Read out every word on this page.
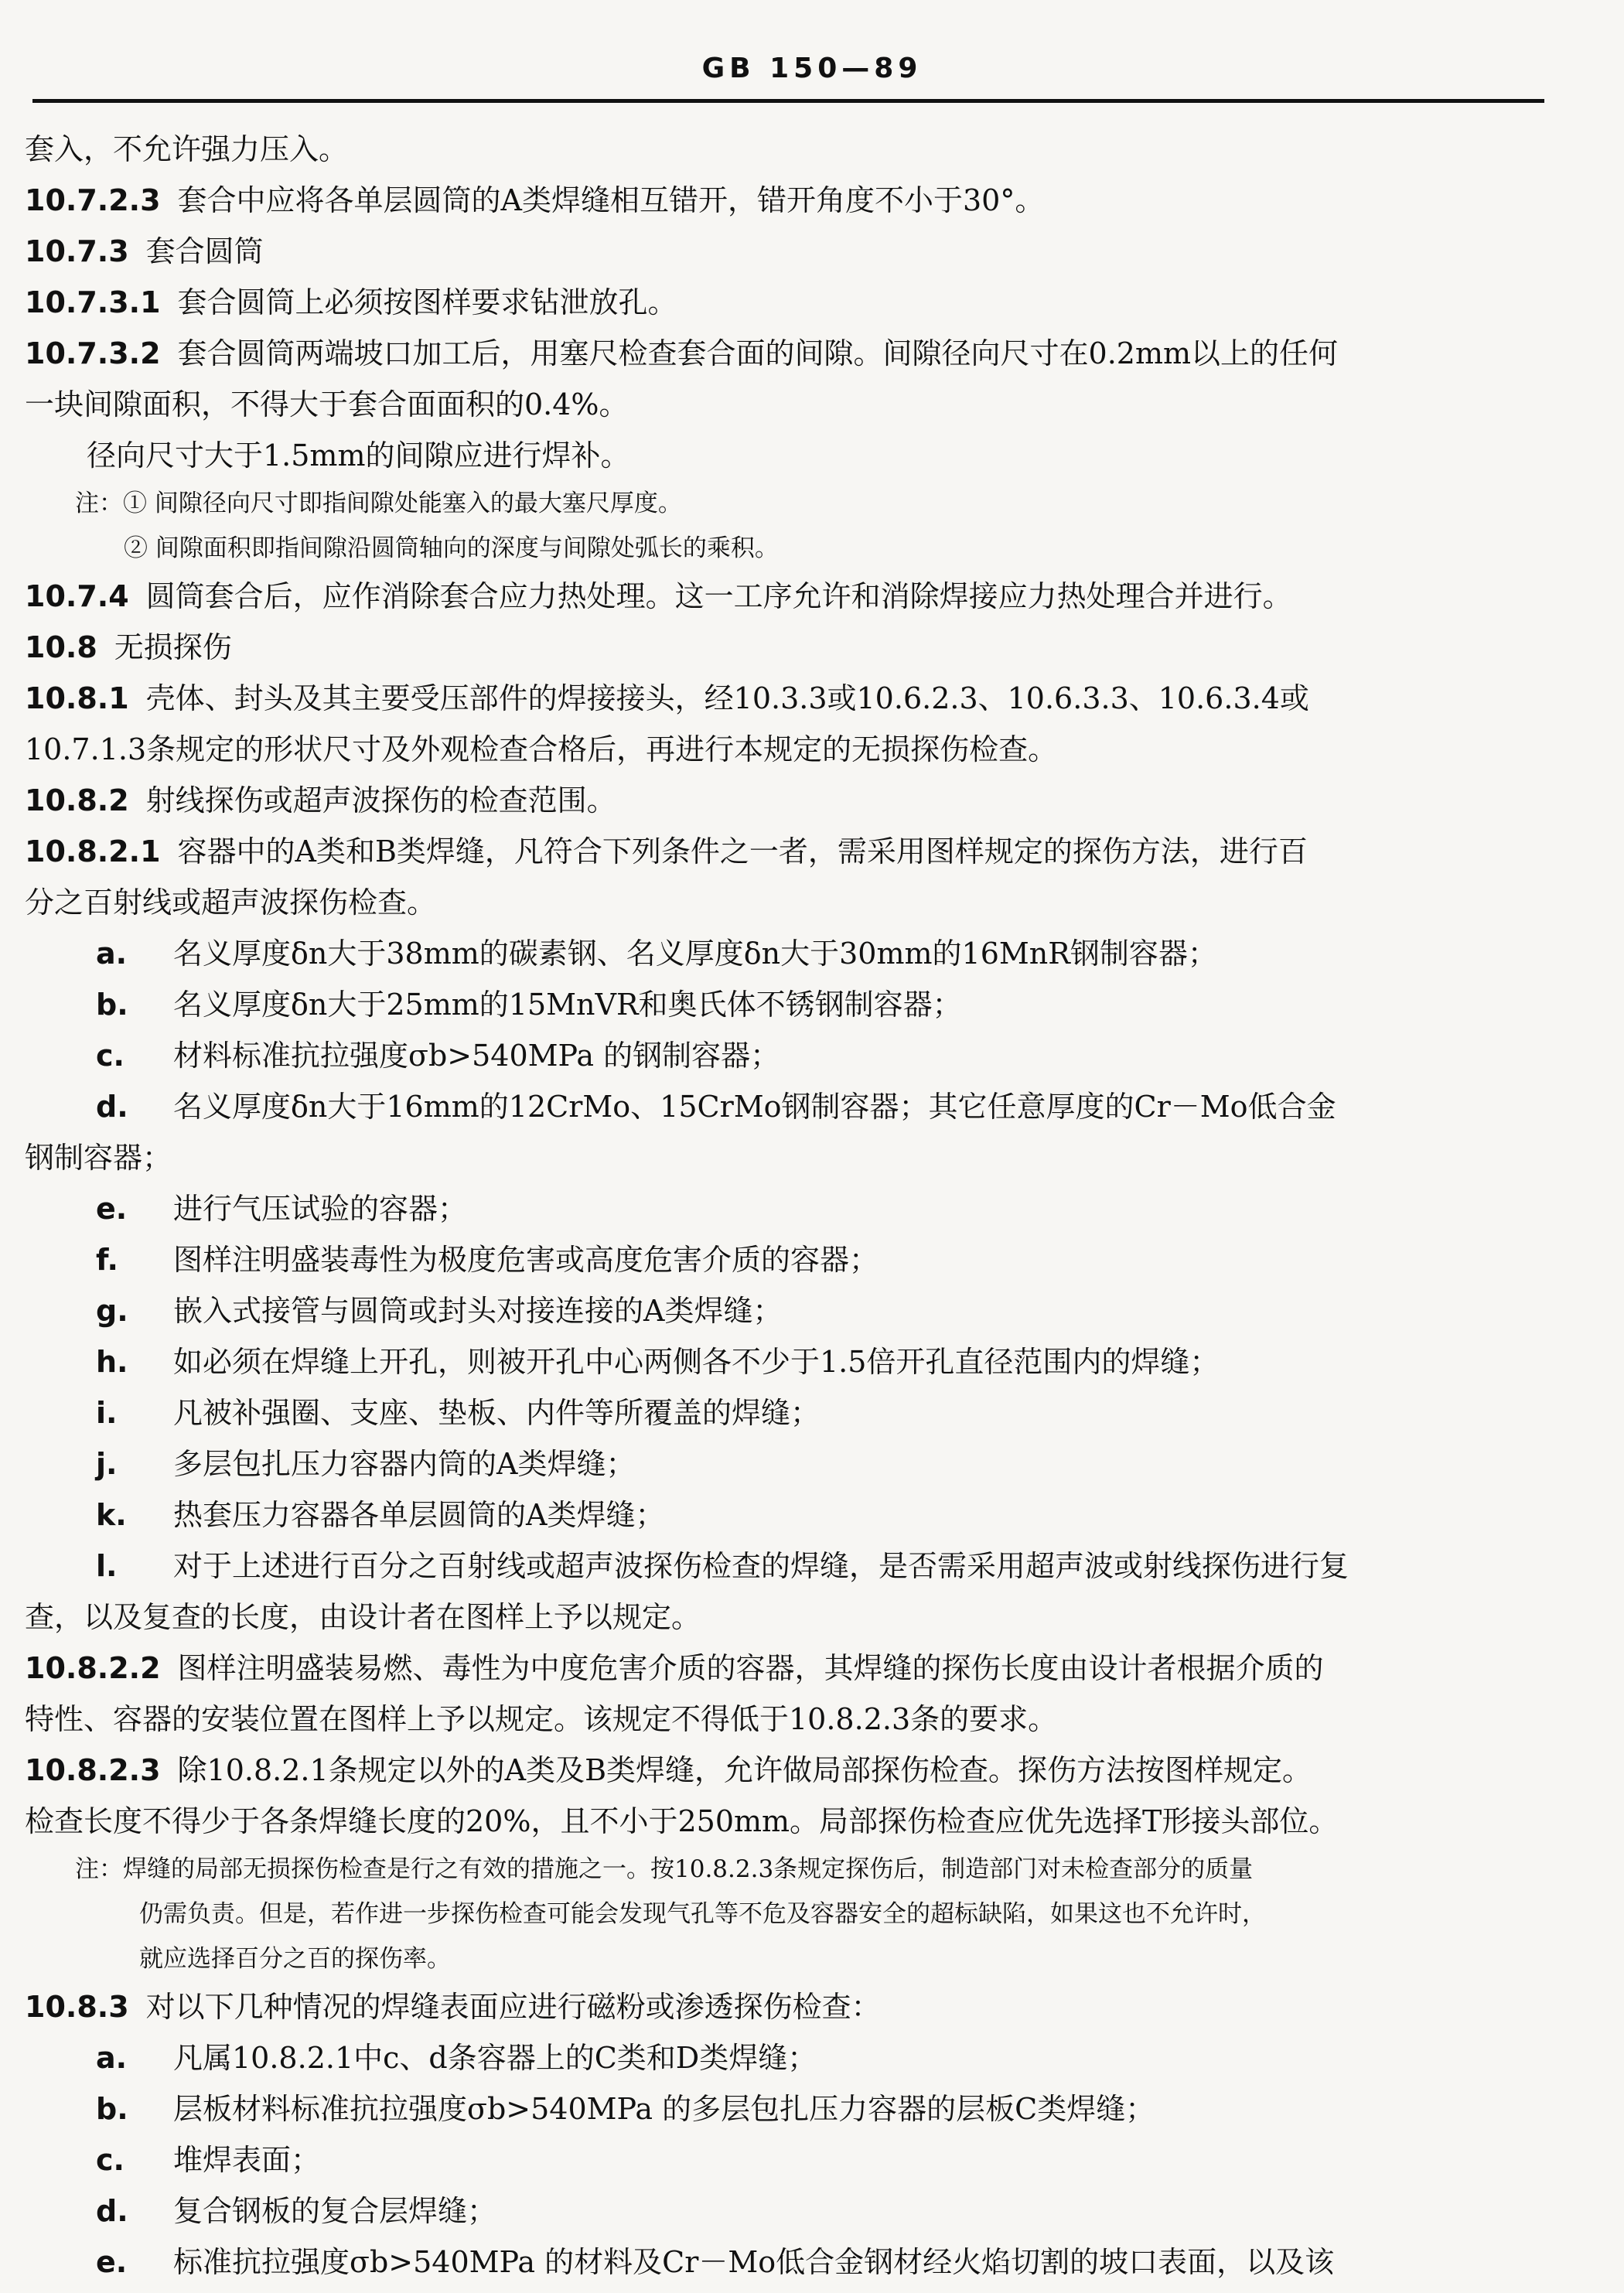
GB 150—89

套入，不允许强力压入。

10.7.2.3 套合中应将各单层圆筒的A类焊缝相互错开，错开角度不小于30°。

10.7.3 套合圆筒

10.7.3.1 套合圆筒上必须按图样要求钻泄放孔。

10.7.3.2 套合圆筒两端坡口加工后，用塞尺检查套合面的间隙。间隙径向尺寸在0.2mm以上的任何

一块间隙面积，不得大于套合面面积的0.4%。

径向尺寸大于1.5mm的间隙应进行焊补。

注：① 间隙径向尺寸即指间隙处能塞入的最大塞尺厚度。

② 间隙面积即指间隙沿圆筒轴向的深度与间隙处弧长的乘积。

10.7.4 圆筒套合后，应作消除套合应力热处理。这一工序允许和消除焊接应力热处理合并进行。

10.8 无损探伤

10.8.1 壳体、封头及其主要受压部件的焊接接头，经10.3.3或10.6.2.3、10.6.3.3、10.6.3.4或

10.7.1.3条规定的形状尺寸及外观检查合格后，再进行本规定的无损探伤检查。

10.8.2 射线探伤或超声波探伤的检查范围。

10.8.2.1 容器中的A类和B类焊缝，凡符合下列条件之一者，需采用图样规定的探伤方法，进行百

分之百射线或超声波探伤检查。

a. 名义厚度δn大于38mm的碳素钢、名义厚度δn大于30mm的16MnR钢制容器；

b. 名义厚度δn大于25mm的15MnVR和奥氏体不锈钢制容器；

c. 材料标准抗拉强度σb>540MPa 的钢制容器；

d. 名义厚度δn大于16mm的12CrMo、15CrMo钢制容器；其它任意厚度的Cr－Mo低合金

钢制容器；

e. 进行气压试验的容器；

f. 图样注明盛装毒性为极度危害或高度危害介质的容器；

g. 嵌入式接管与圆筒或封头对接连接的A类焊缝；

h. 如必须在焊缝上开孔，则被开孔中心两侧各不少于1.5倍开孔直径范围内的焊缝；

i. 凡被补强圈、支座、垫板、内件等所覆盖的焊缝；

j. 多层包扎压力容器内筒的A类焊缝；

k. 热套压力容器各单层圆筒的A类焊缝；

l. 对于上述进行百分之百射线或超声波探伤检查的焊缝，是否需采用超声波或射线探伤进行复

查，以及复查的长度，由设计者在图样上予以规定。

10.8.2.2 图样注明盛装易燃、毒性为中度危害介质的容器，其焊缝的探伤长度由设计者根据介质的

特性、容器的安装位置在图样上予以规定。该规定不得低于10.8.2.3条的要求。

10.8.2.3 除10.8.2.1条规定以外的A类及B类焊缝，允许做局部探伤检查。探伤方法按图样规定。

检查长度不得少于各条焊缝长度的20%，且不小于250mm。局部探伤检查应优先选择T形接头部位。

注：焊缝的局部无损探伤检查是行之有效的措施之一。按10.8.2.3条规定探伤后，制造部门对未检查部分的质量

仍需负责。但是，若作进一步探伤检查可能会发现气孔等不危及容器安全的超标缺陷，如果这也不允许时，

就应选择百分之百的探伤率。

10.8.3 对以下几种情况的焊缝表面应进行磁粉或渗透探伤检查：

a. 凡属10.8.2.1中c、d条容器上的C类和D类焊缝；

b. 层板材料标准抗拉强度σb>540MPa 的多层包扎压力容器的层板C类焊缝；

c. 堆焊表面；

d. 复合钢板的复合层焊缝；

e. 标准抗拉强度σb>540MPa 的材料及Cr－Mo低合金钢材经火焰切割的坡口表面，以及该
